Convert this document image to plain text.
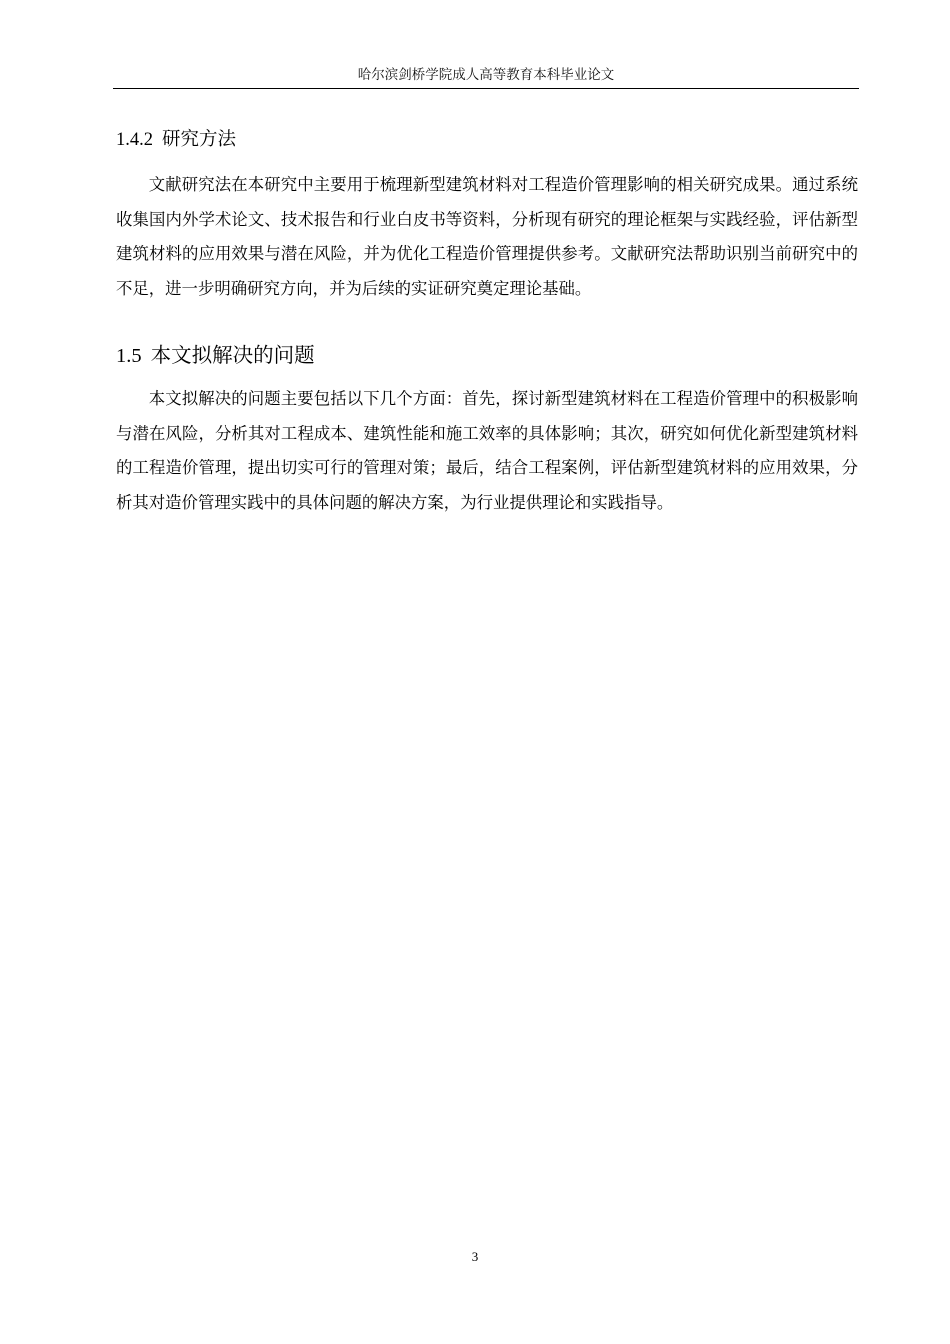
哈尔滨剑桥学院成人高等教育本科毕业论文
1.4.2 研究方法

文献研究法在本研究中主要用于梳理新型建筑材料对工程造价管理影响的相关研究成果。通过系统收集国内外学术论文、技术报告和行业白皮书等资料，分析现有研究的理论框架与实践经验，评估新型建筑材料的应用效果与潜在风险，并为优化工程造价管理提供参考。文献研究法帮助识别当前研究中的不足，进一步明确研究方向，并为后续的实证研究奠定理论基础。

1.5 本文拟解决的问题

本文拟解决的问题主要包括以下几个方面：首先，探讨新型建筑材料在工程造价管理中的积极影响与潜在风险，分析其对工程成本、建筑性能和施工效率的具体影响；其次，研究如何优化新型建筑材料的工程造价管理，提出切实可行的管理对策；最后，结合工程案例，评估新型建筑材料的应用效果，分析其对造价管理实践中的具体问题的解决方案，为行业提供理论和实践指导。

3
